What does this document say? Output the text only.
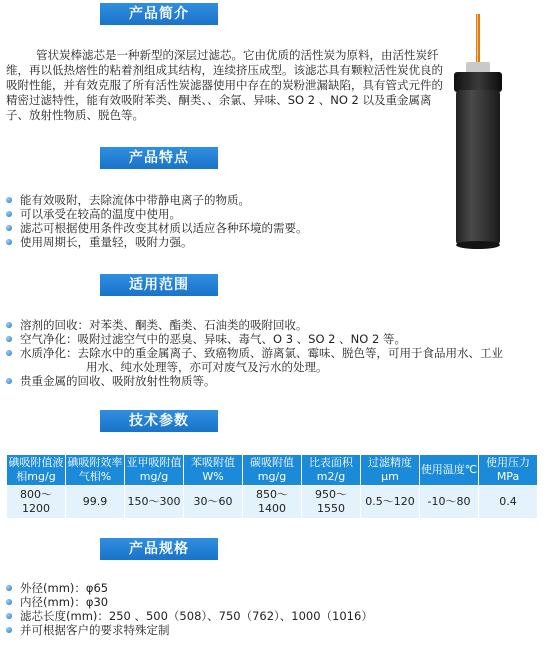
产品简介
产品特点
适用范围
技术参数
产品规格
管状炭棒滤芯是一种新型的深层过滤芯。它由优质的活性炭为原料，由活性炭纤维，再以低热熔性的粘着剂组成其结构，连续挤压成型。该滤芯具有颗粒活性炭优良的吸附性能，并有效克服了所有活性炭滤器使用中存在的炭粉泄漏缺陷，具有管式元件的精密过滤特性，能有效吸附苯类、酮类、、余氯、异味、SO 2 、NO 2 以及重金属离子、放射性物质、脱色等。
能有效吸附，去除流体中带静电离子的物质。
可以承受在较高的温度中使用。
滤芯可根据使用条件改变其材质以适应各种环境的需要。
使用周期长，重量轻，吸附力强。
溶剂的回收：对苯类、酮类、酯类、石油类的吸附回收。
空气净化：吸附过滤空气中的恶臭、异味、毒气、O 3 、SO 2 、NO 2 等。
水质净化：去除水中的重金属离子、致癌物质、游离氯、霉味、脱色等，可用于食品用水、工业
用水、纯水处理等，亦可对废气及污水的处理。
贵重金属的回收、吸附放射性物质等。
碘吸附值液相mg/g	碘吸附效率气相%	亚甲吸附值mg/g	苯吸附值W%	碳吸附值mg/g	比表面积m2/g	过滤精度μm	使用温度℃	使用压力MPa
800～1200	99.9	150～300	30～60	850～1400	950～1550	0.5～120	-10～80	0.4
外径(mm)：φ65
内径(mm)：φ30
滤芯长度(mm)：250 、500（508）、750（762）、1000（1016）
并可根据客户的要求特殊定制
